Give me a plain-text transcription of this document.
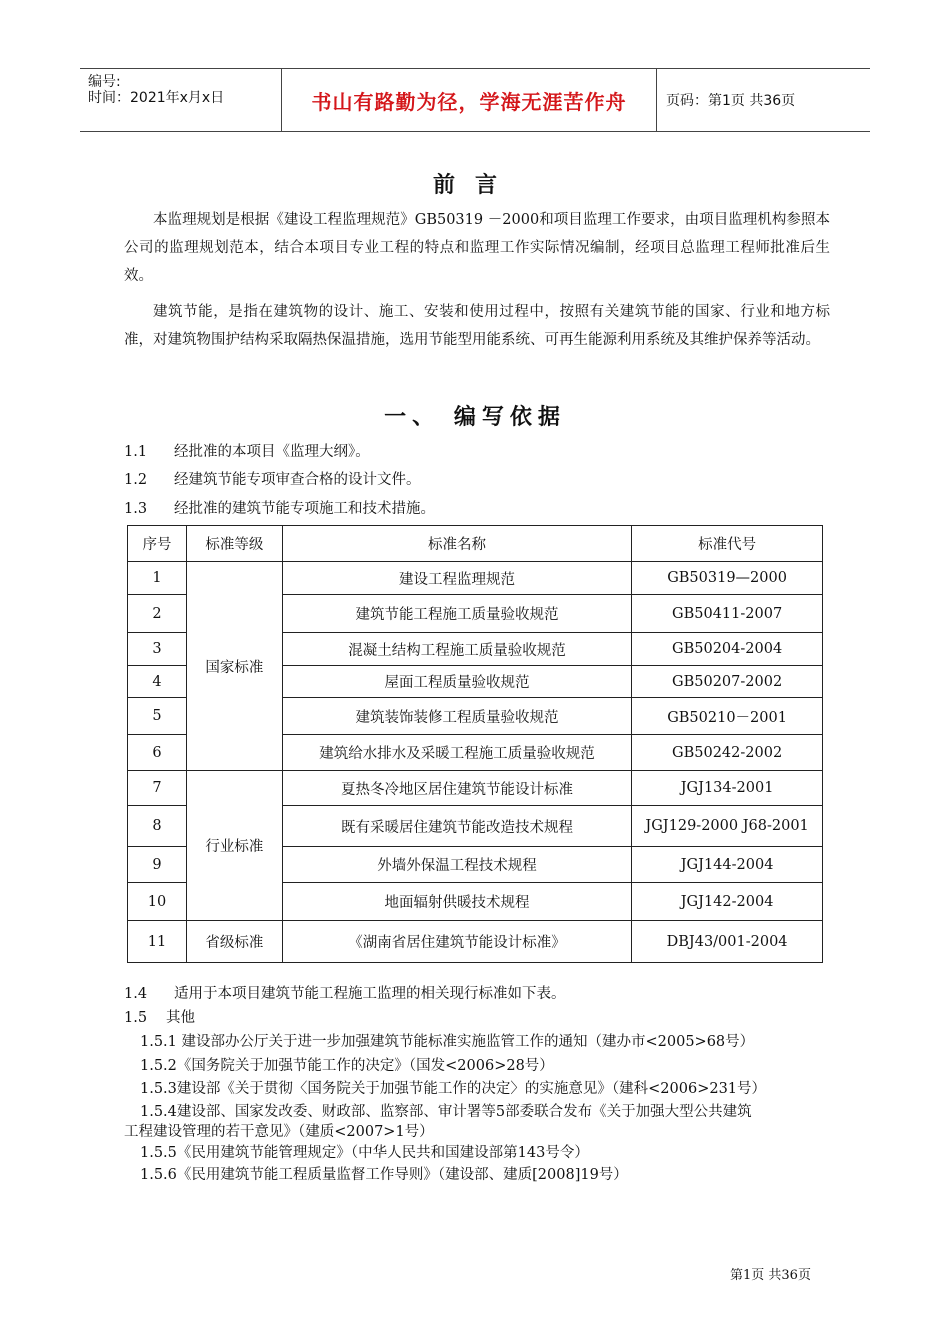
编号:
时间：2021年x月x日	书山有路勤为径，学海无涯苦作舟	页码：第1页 共36页
前言
本监理规划是根据《建设工程监理规范》GB50319 －2000和项目监理工作要求，由项目监理机构参照本公司的监理规划范本，结合本项目专业工程的特点和监理工作实际情况编制，经项目总监理工程师批准后生效。
建筑节能，是指在建筑物的设计、施工、安装和使用过程中，按照有关建筑节能的国家、行业和地方标准，对建筑物围护结构采取隔热保温措施，选用节能型用能系统、可再生能源利用系统及其维护保养等活动。
一、 编写依据
1.1 经批准的本项目《监理大纲》。
1.2 经建筑节能专项审查合格的设计文件。
1.3 经批准的建筑节能专项施工和技术措施。
序号	标准等级	标准名称	标准代号
1	国家标准	建设工程监理规范	GB50319—2000
2		建筑节能工程施工质量验收规范	GB50411-2007
3		混凝土结构工程施工质量验收规范	GB50204-2004
4		屋面工程质量验收规范	GB50207-2002
5		建筑装饰装修工程质量验收规范	GB50210－2001
6		建筑给水排水及采暖工程施工质量验收规范	GB50242-2002
7	行业标准	夏热冬冷地区居住建筑节能设计标准	JGJ134-2001
8		既有采暖居住建筑节能改造技术规程	JGJ129-2000 J68-2001
9		外墙外保温工程技术规程	JGJ144-2004
10		地面辐射供暖技术规程	JGJ142-2004
11	省级标准	《湖南省居住建筑节能设计标准》	DBJ43/001-2004
1.4 适用于本项目建筑节能工程施工监理的相关现行标准如下表。
1.5 其他
1.5.1 建设部办公厅关于进一步加强建筑节能标准实施监管工作的通知（建办市<2005>68号）
1.5.2《国务院关于加强节能工作的决定》（国发<2006>28号）
1.5.3建设部《关于贯彻〈国务院关于加强节能工作的决定〉的实施意见》（建科<2006>231号）
1.5.4建设部、国家发改委、财政部、监察部、审计署等5部委联合发布《关于加强大型公共建筑
工程建设管理的若干意见》（建质<2007>1号）
1.5.5《民用建筑节能管理规定》（中华人民共和国建设部第143号令）
1.5.6《民用建筑节能工程质量监督工作导则》（建设部、建质[2008]19号）
第1页 共36页
